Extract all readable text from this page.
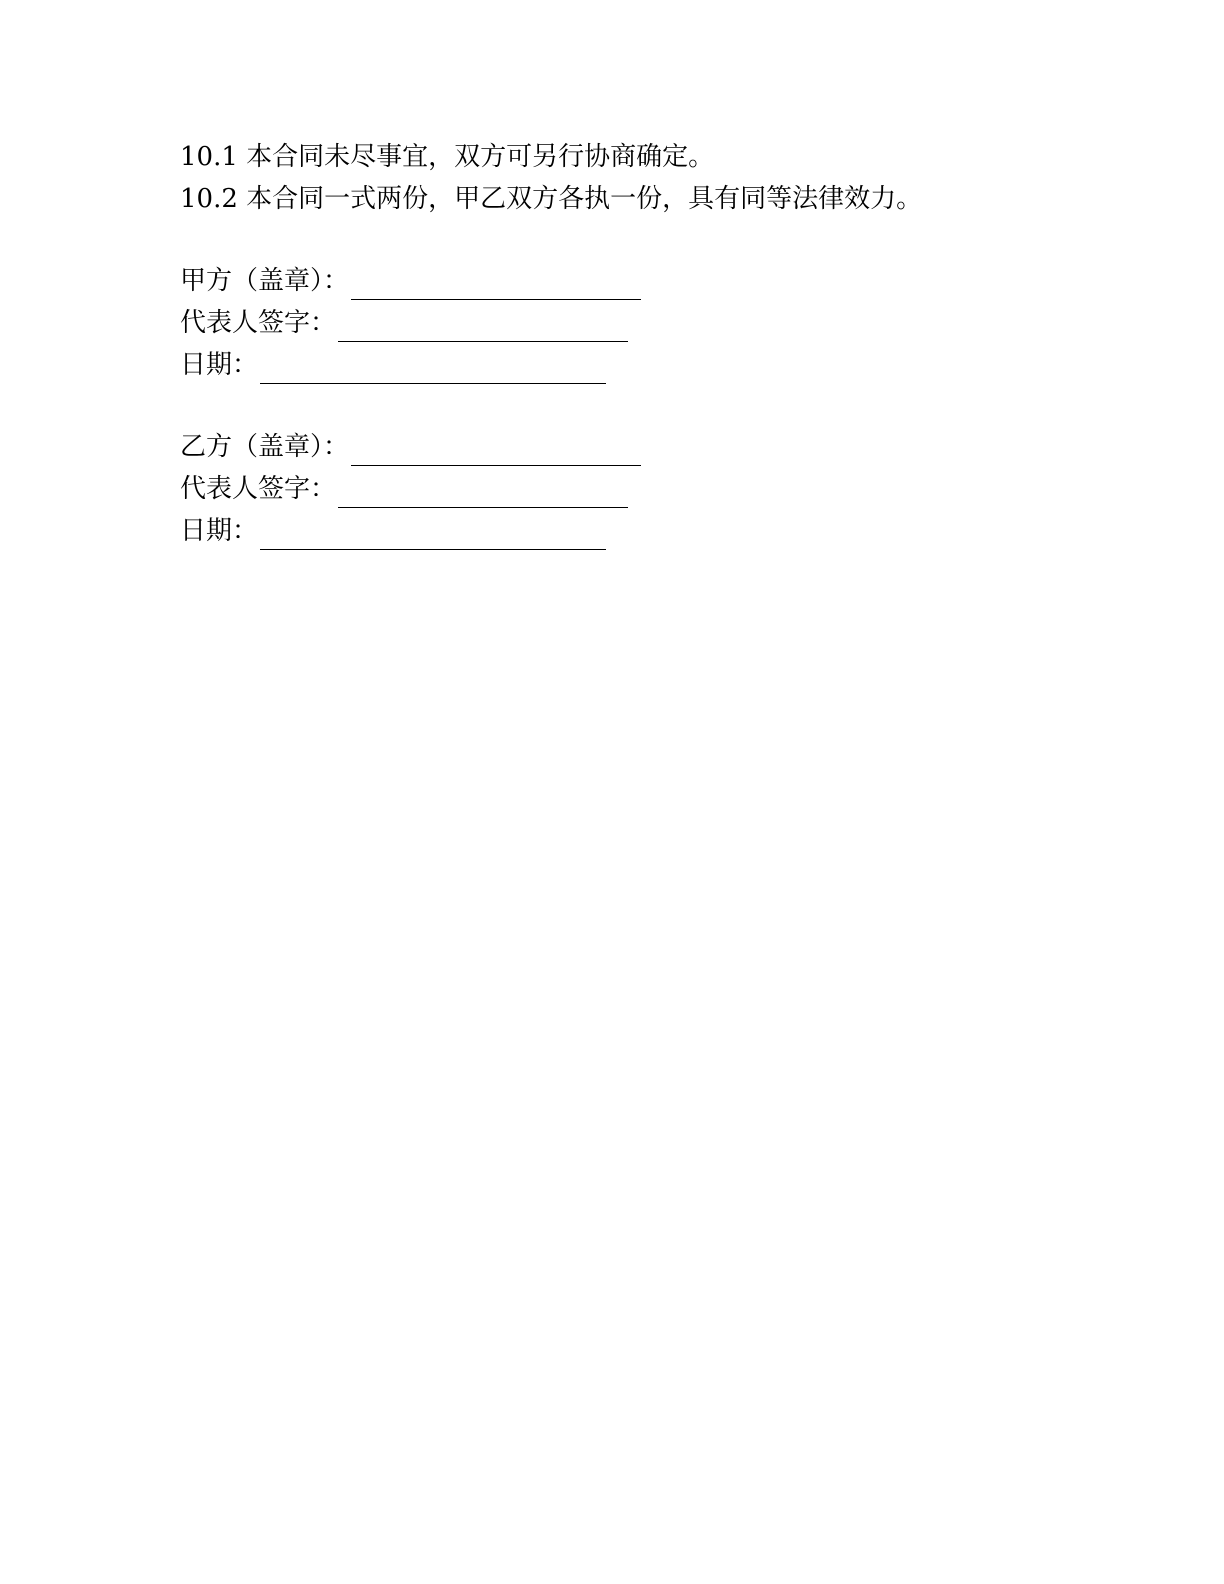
10.1 本合同未尽事宜，双方可另行协商确定。
10.2 本合同一式两份，甲乙双方各执一份，具有同等法律效力。
甲方（盖章）：
代表人签字：
日期：
乙方（盖章）：
代表人签字：
日期：
